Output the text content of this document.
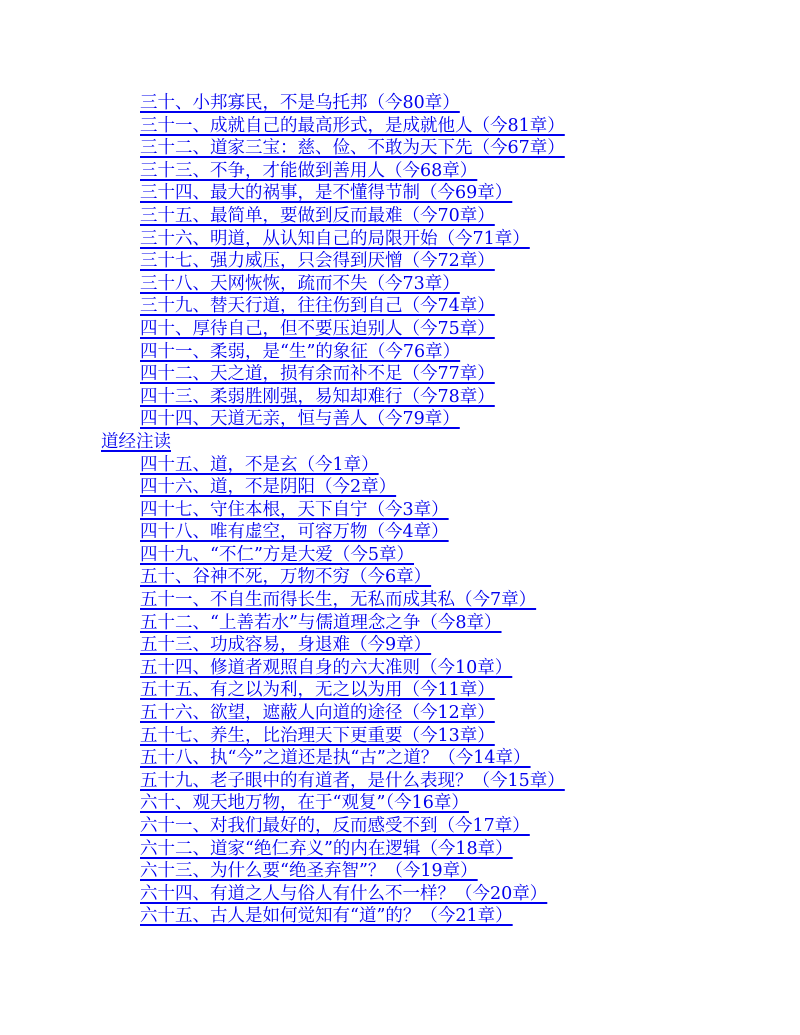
三十、小邦寡民，不是乌托邦（今80章）
三十一、成就自己的最高形式，是成就他人（今81章）
三十二、道家三宝：慈、俭、不敢为天下先（今67章）
三十三、不争，才能做到善用人（今68章）
三十四、最大的祸事，是不懂得节制（今69章）
三十五、最简单，要做到反而最难（今70章）
三十六、明道，从认知自己的局限开始（今71章）
三十七、强力威压，只会得到厌憎（今72章）
三十八、天网恢恢，疏而不失（今73章）
三十九、替天行道，往往伤到自己（今74章）
四十、厚待自己，但不要压迫别人（今75章）
四十一、柔弱，是“生”的象征（今76章）
四十二、天之道，损有余而补不足（今77章）
四十三、柔弱胜刚强，易知却难行（今78章）
四十四、天道无亲，恒与善人（今79章）
道经注读
四十五、道，不是玄（今1章）
四十六、道，不是阴阳（今2章）
四十七、守住本根，天下自宁（今3章）
四十八、唯有虚空，可容万物（今4章）
四十九、“不仁”方是大爱（今5章）
五十、谷神不死，万物不穷（今6章）
五十一、不自生而得长生，无私而成其私（今7章）
五十二、“上善若水”与儒道理念之争（今8章）
五十三、功成容易，身退难（今9章）
五十四、修道者观照自身的六大准则（今10章）
五十五、有之以为利，无之以为用（今11章）
五十六、欲望，遮蔽人向道的途径（今12章）
五十七、养生，比治理天下更重要（今13章）
五十八、执“今”之道还是执“古”之道？（今14章）
五十九、老子眼中的有道者，是什么表现？（今15章）
六十、观天地万物，在于“观复”（今16章）
六十一、对我们最好的，反而感受不到（今17章）
六十二、道家“绝仁弃义”的内在逻辑（今18章）
六十三、为什么要“绝圣弃智”？（今19章）
六十四、有道之人与俗人有什么不一样？（今20章）
六十五、古人是如何觉知有“道”的？（今21章）
